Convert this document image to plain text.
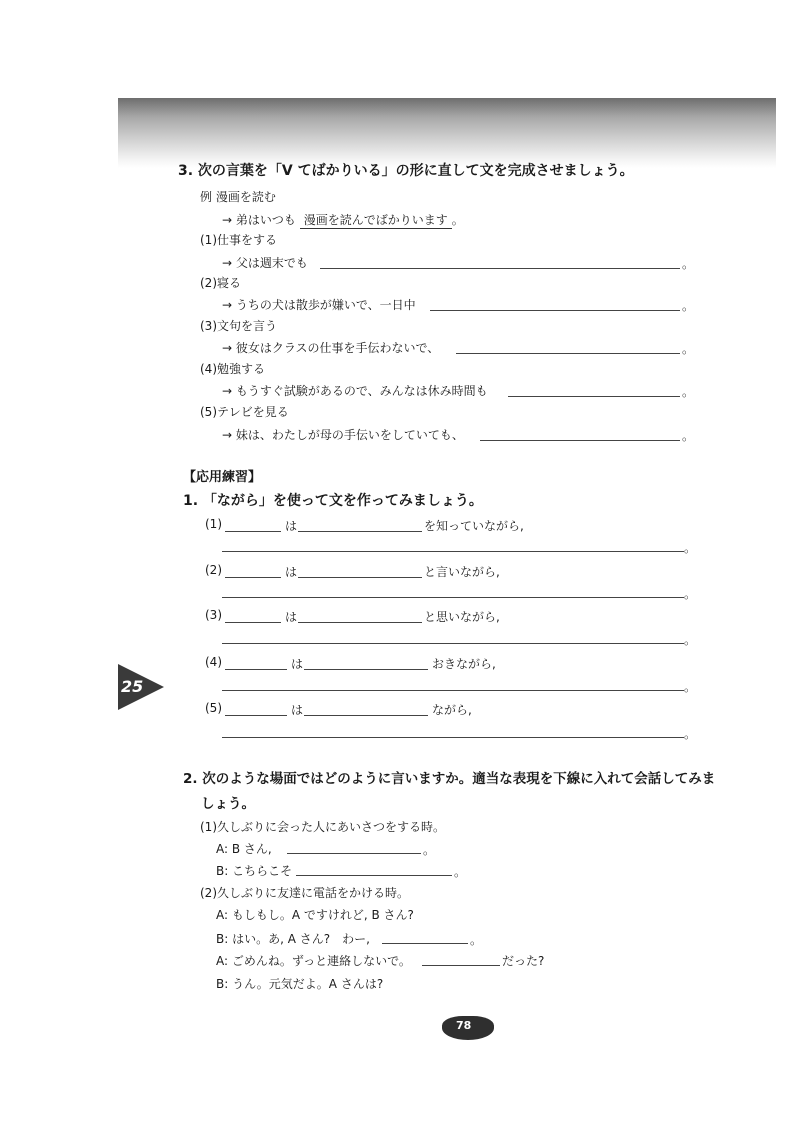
3. 次の言葉を「V てばかりいる」の形に直して文を完成させましょう。
例 漫画を読む
→ 弟はいつも 漫画を読んでばかりいます 。
(1)仕事をする
→ 父は週末でも	。
(2)寝る
→ うちの犬は散歩が嫌いで、一日中	。
(3)文句を言う
→ 彼女はクラスの仕事を手伝わないで、	。
(4)勉強する
→ もうすぐ試験があるので、みんなは休み時間も	。
(5)テレビを見る
→ 妹は、わたしが母の手伝いをしていても、	。
【応用練習】
1. 「ながら」を使って文を作ってみましょう。
(1)	は	を知っていながら,
。
(2)	は	と言いながら,
。
(3)	は	と思いながら,
。
(4)	は	おきながら,
。
(5)	は	ながら,
。
2. 次のような場面ではどのように言いますか。適当な表現を下線に入れて会話してみま
しょう。
(1)久しぶりに会った人にあいさつをする時。
A: B さん,	。
B: こちらこそ	。
(2)久しぶりに友達に電話をかける時。
A: もしもし。A ですけれど, B さん?
B: はい。あ, A さん?　わー,	。
A: ごめんね。ずっと連絡しないで。	だった?
B: うん。元気だよ。A さんは?
25
78
